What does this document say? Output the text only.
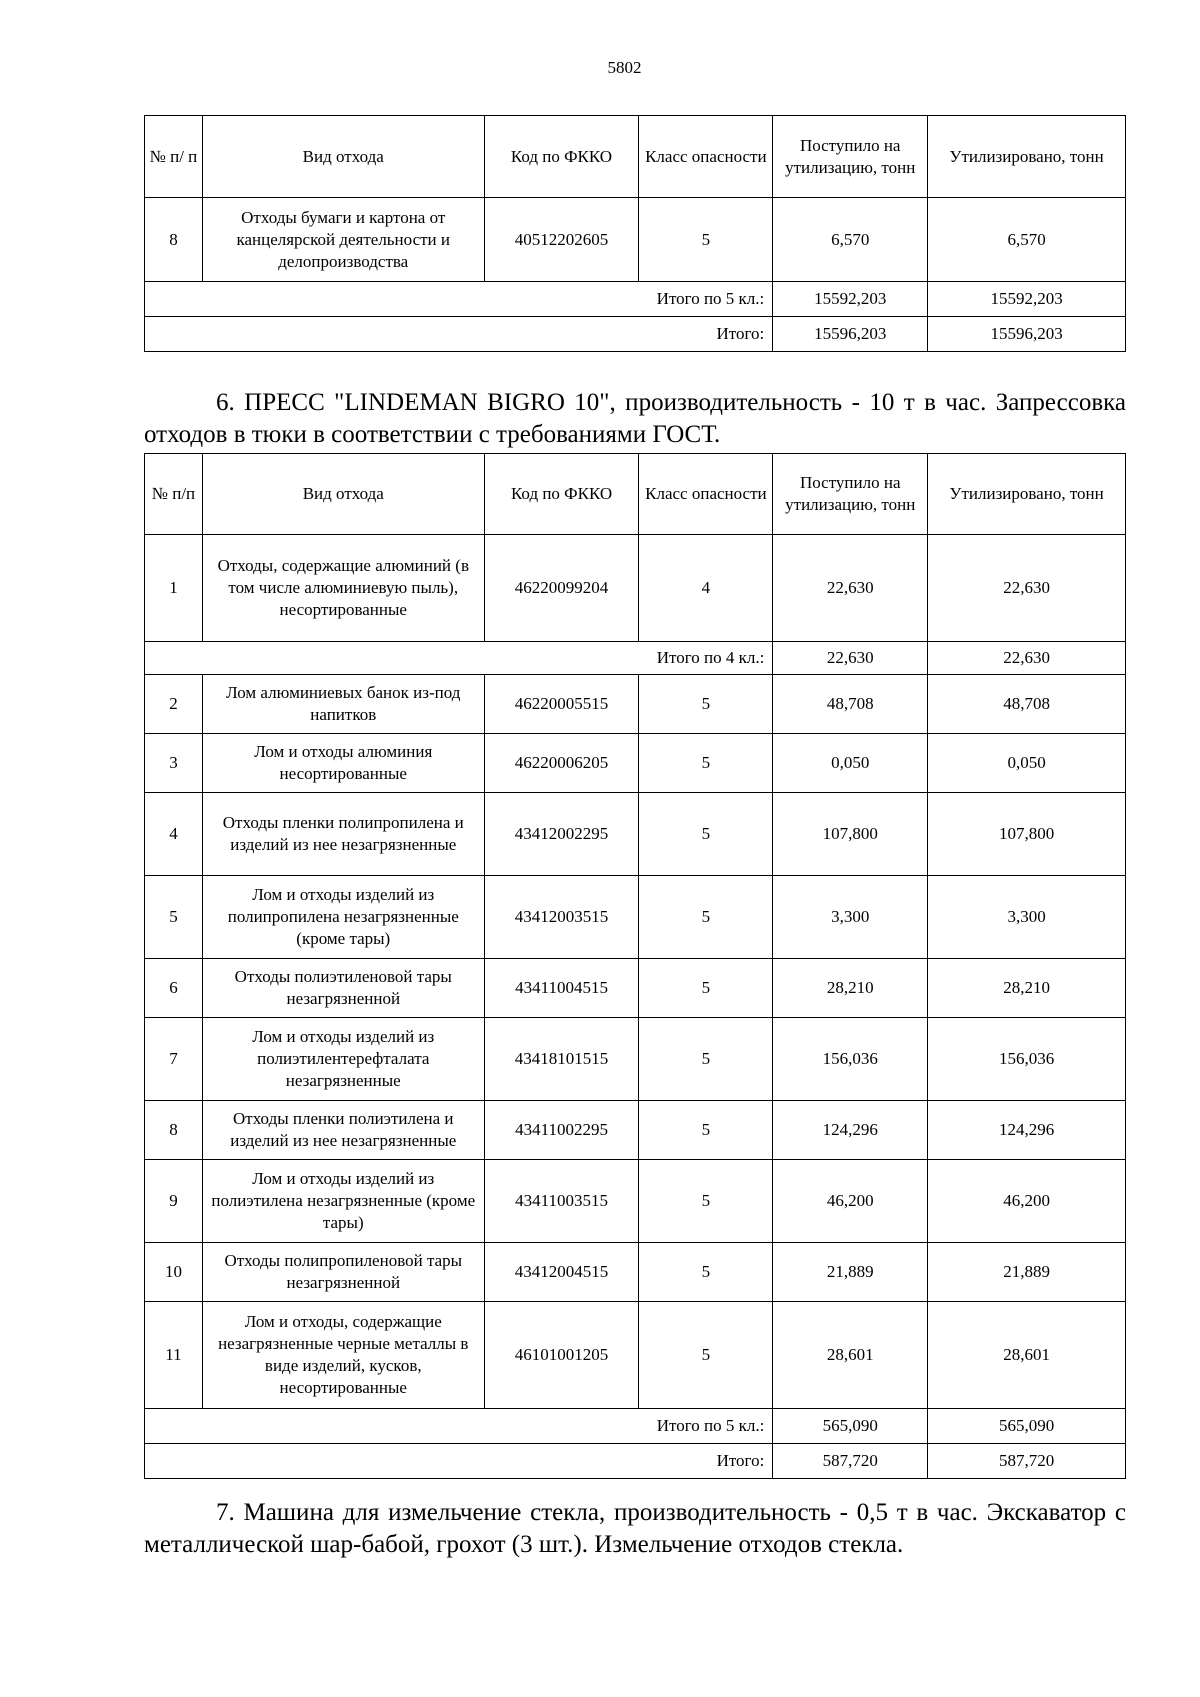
5802
№ п/ п	Вид отхода	Код по ФККО	Класс опасности	Поступило на утилизацию, тонн	Утилизировано, тонн
8	Отходы бумаги и картона от канцелярской деятельности и делопроизводства	40512202605	5	6,570	6,570
Итого по 5 кл.:				15592,203	15592,203
Итого:				15596,203	15596,203
6. ПРЕСС "LINDEMAN BIGRO 10", производительность - 10 т в час. Запрессовка отходов в тюки в соответствии с требованиями ГОСТ.
№ п/п	Вид отхода	Код по ФККО	Класс опасности	Поступило на утилизацию, тонн	Утилизировано, тонн
1	Отходы, содержащие алюминий (в том числе алюминиевую пыль), несортированные	46220099204	4	22,630	22,630
Итого по 4 кл.:				22,630	22,630
2	Лом алюминиевых банок из-под напитков	46220005515	5	48,708	48,708
3	Лом и отходы алюминия несортированные	46220006205	5	0,050	0,050
4	Отходы пленки полипропилена и изделий из нее незагрязненные	43412002295	5	107,800	107,800
5	Лом и отходы изделий из полипропилена незагрязненные (кроме тары)	43412003515	5	3,300	3,300
6	Отходы полиэтиленовой тары незагрязненной	43411004515	5	28,210	28,210
7	Лом и отходы изделий из полиэтилентерефталата незагрязненные	43418101515	5	156,036	156,036
8	Отходы пленки полиэтилена и изделий из нее незагрязненные	43411002295	5	124,296	124,296
9	Лом и отходы изделий из полиэтилена незагрязненные (кроме тары)	43411003515	5	46,200	46,200
10	Отходы полипропиленовой тары незагрязненной	43412004515	5	21,889	21,889
11	Лом и отходы, содержащие незагрязненные черные металлы в виде изделий, кусков, несортированные	46101001205	5	28,601	28,601
Итого по 5 кл.:				565,090	565,090
Итого:				587,720	587,720
7. Машина для измельчение стекла, производительность - 0,5 т в час. Экскаватор с металлической шар-бабой, грохот (3 шт.). Измельчение отходов стекла.
